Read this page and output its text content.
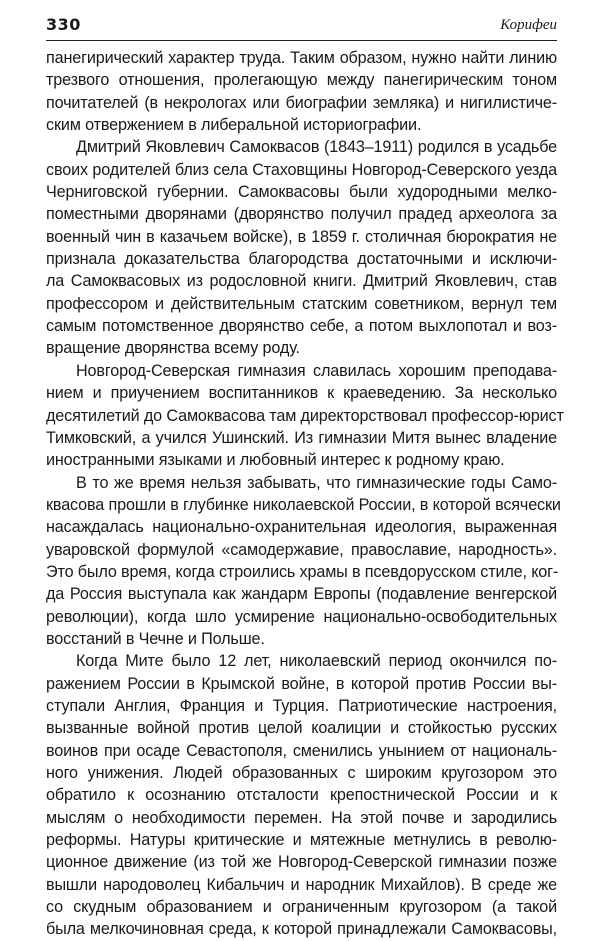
330	Корифеи
панегирический характер труда. Таким образом, нужно найти линию
трезвого отношения, пролегающую между панегирическим тоном
почитателей (в некрологах или биографии земляка) и нигилистиче-
ским отвержением в либеральной историографии.
Дмитрий Яковлевич Самоквасов (1843–1911) родился в усадьбе
своих родителей близ села Стаховщины Новгород-Северского уезда
Черниговской губернии. Самоквасовы были худородными мелко-
поместными дворянами (дворянство получил прадед археолога за
военный чин в казачьем войске), в 1859 г. столичная бюрократия не
признала доказательства благородства достаточными и исключи-
ла Самоквасовых из родословной книги. Дмитрий Яковлевич, став
профессором и действительным статским советником, вернул тем
самым потомственное дворянство себе, а потом выхлопотал и воз-
вращение дворянства всему роду.
Новгород-Северская гимназия славилась хорошим преподава-
нием и приучением воспитанников к краеведению. За несколько
десятилетий до Самоквасова там директорствовал профессор-юрист
Тимковский, а учился Ушинский. Из гимназии Митя вынес владение
иностранными языками и любовный интерес к родному краю.
В то же время нельзя забывать, что гимназические годы Само-
квасова прошли в глубинке николаевской России, в которой всячески
насаждалась национально-охранительная идеология, выраженная
уваровской формулой «самодержавие, православие, народность».
Это было время, когда строились храмы в псевдорусском стиле, ког-
да Россия выступала как жандарм Европы (подавление венгерской
революции), когда шло усмирение национально-освободительных
восстаний в Чечне и Польше.
Когда Мите было 12 лет, николаевский период окончился по-
ражением России в Крымской войне, в которой против России вы-
ступали Англия, Франция и Турция. Патриотические настроения,
вызванные войной против целой коалиции и стойкостью русских
воинов при осаде Севастополя, сменились унынием от националь-
ного унижения. Людей образованных с широким кругозором это
обратило к осознанию отсталости крепостнической России и к
мыслям о необходимости перемен. На этой почве и зародились
реформы. Натуры критические и мятежные метнулись в револю-
ционное движение (из той же Новгород-Северской гимназии позже
вышли народоволец Кибальчич и народник Михайлов). В среде же
со скудным образованием и ограниченным кругозором (а такой
была мелкочиновная среда, к которой принадлежали Самоквасовы,
